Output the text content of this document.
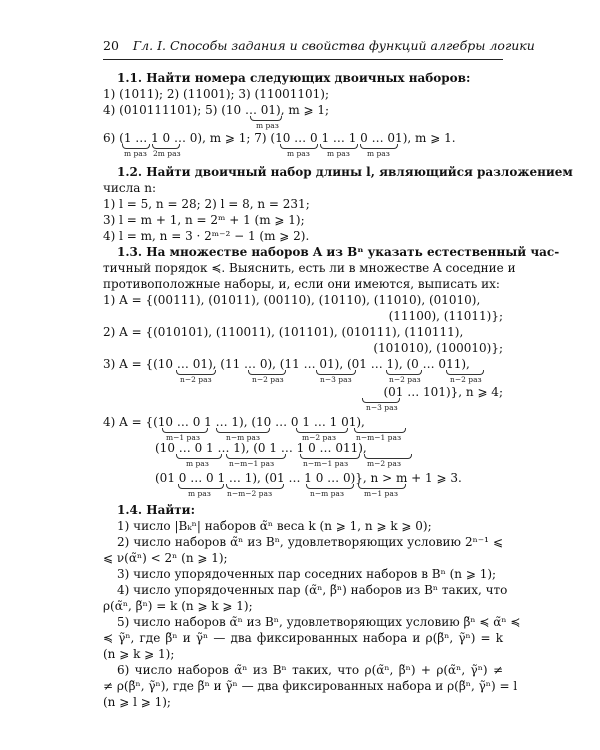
20 Гл. I. Способы задания и свойства функций алгебры логики
1.1. Найти номера следующих двоичных наборов:
1) (1011); 2) (11001); 3) (11001101);
4) (010111101); 5) (10 … 01), m ⩾ 1;
m раз
6) (1 … 1 0 … 0), m ⩾ 1; 7) (10 … 0 1 … 1 0 … 01), m ⩾ 1.
m раз 2m раз	m раз m раз m раз
1.2. Найти двоичный набор длины l, являющийся разложением
числа n:
1) l = 5, n = 28; 2) l = 8, n = 231;
3) l = m + 1, n = 2ᵐ + 1 (m ⩾ 1);
4) l = m, n = 3 · 2ᵐ⁻² − 1 (m ⩾ 2).
1.3. На множестве наборов A из Bⁿ указать естественный час-
тичный порядок ≼. Выяснить, есть ли в множестве A соседние и
противоположные наборы, и, если они имеются, выписать их:
1) A = {(00111), (01011), (00110), (10110), (11010), (01010),
(11100), (11011)};
2) A = {(010101), (110011), (101101), (010111), (110111),
(101010), (100010)};
3) A = {(10 … 01), (11 … 0), (11 … 01), (01 … 1), (0 … 011),
n−2 раз	n−2 раз	n−3 раз	n−2 раз	n−2 раз
(01 … 101)}, n ⩾ 4;
n−3 раз
4) A = {(10 … 0 1 … 1), (10 … 0 1 … 1 01),
m−1 раз	n−m раз	m−2 раз	n−m−1 раз
(10 … 0 1 … 1), (0 1 … 1 0 … 011),
m раз	n−m−1 раз	n−m−1 раз	m−2 раз
(01 0 … 0 1 … 1), (01 … 1 0 … 0)}, n > m + 1 ⩾ 3.
m раз n−m−2 раз	n−m раз	m−1 раз
1.4. Найти:
1) число |Bₖⁿ| наборов α̃ⁿ веса k (n ⩾ 1, n ⩾ k ⩾ 0);
2) число наборов α̃ⁿ из Bⁿ, удовлетворяющих условию 2ⁿ⁻¹ ⩽
⩽ ν(α̃ⁿ) < 2ⁿ (n ⩾ 1);
3) число упорядоченных пар соседних наборов в Bⁿ (n ⩾ 1);
4) число упорядоченных пар (α̃ⁿ, β̃ⁿ) наборов из Bⁿ таких, что
ρ(α̃ⁿ, β̃ⁿ) = k (n ⩾ k ⩾ 1);
5) число наборов α̃ⁿ из Bⁿ, удовлетворяющих условию β̃ⁿ ≼ α̃ⁿ ≼
≼ γ̃ⁿ, где β̃ⁿ и γ̃ⁿ — два фиксированных набора и ρ(β̃ⁿ, γ̃ⁿ) = k
(n ⩾ k ⩾ 1);
6) число наборов α̃ⁿ из Bⁿ таких, что ρ(α̃ⁿ, β̃ⁿ) + ρ(α̃ⁿ, γ̃ⁿ) ≠
≠ ρ(β̃ⁿ, γ̃ⁿ), где β̃ⁿ и γ̃ⁿ — два фиксированных набора и ρ(β̃ⁿ, γ̃ⁿ) = l
(n ⩾ l ⩾ 1);
